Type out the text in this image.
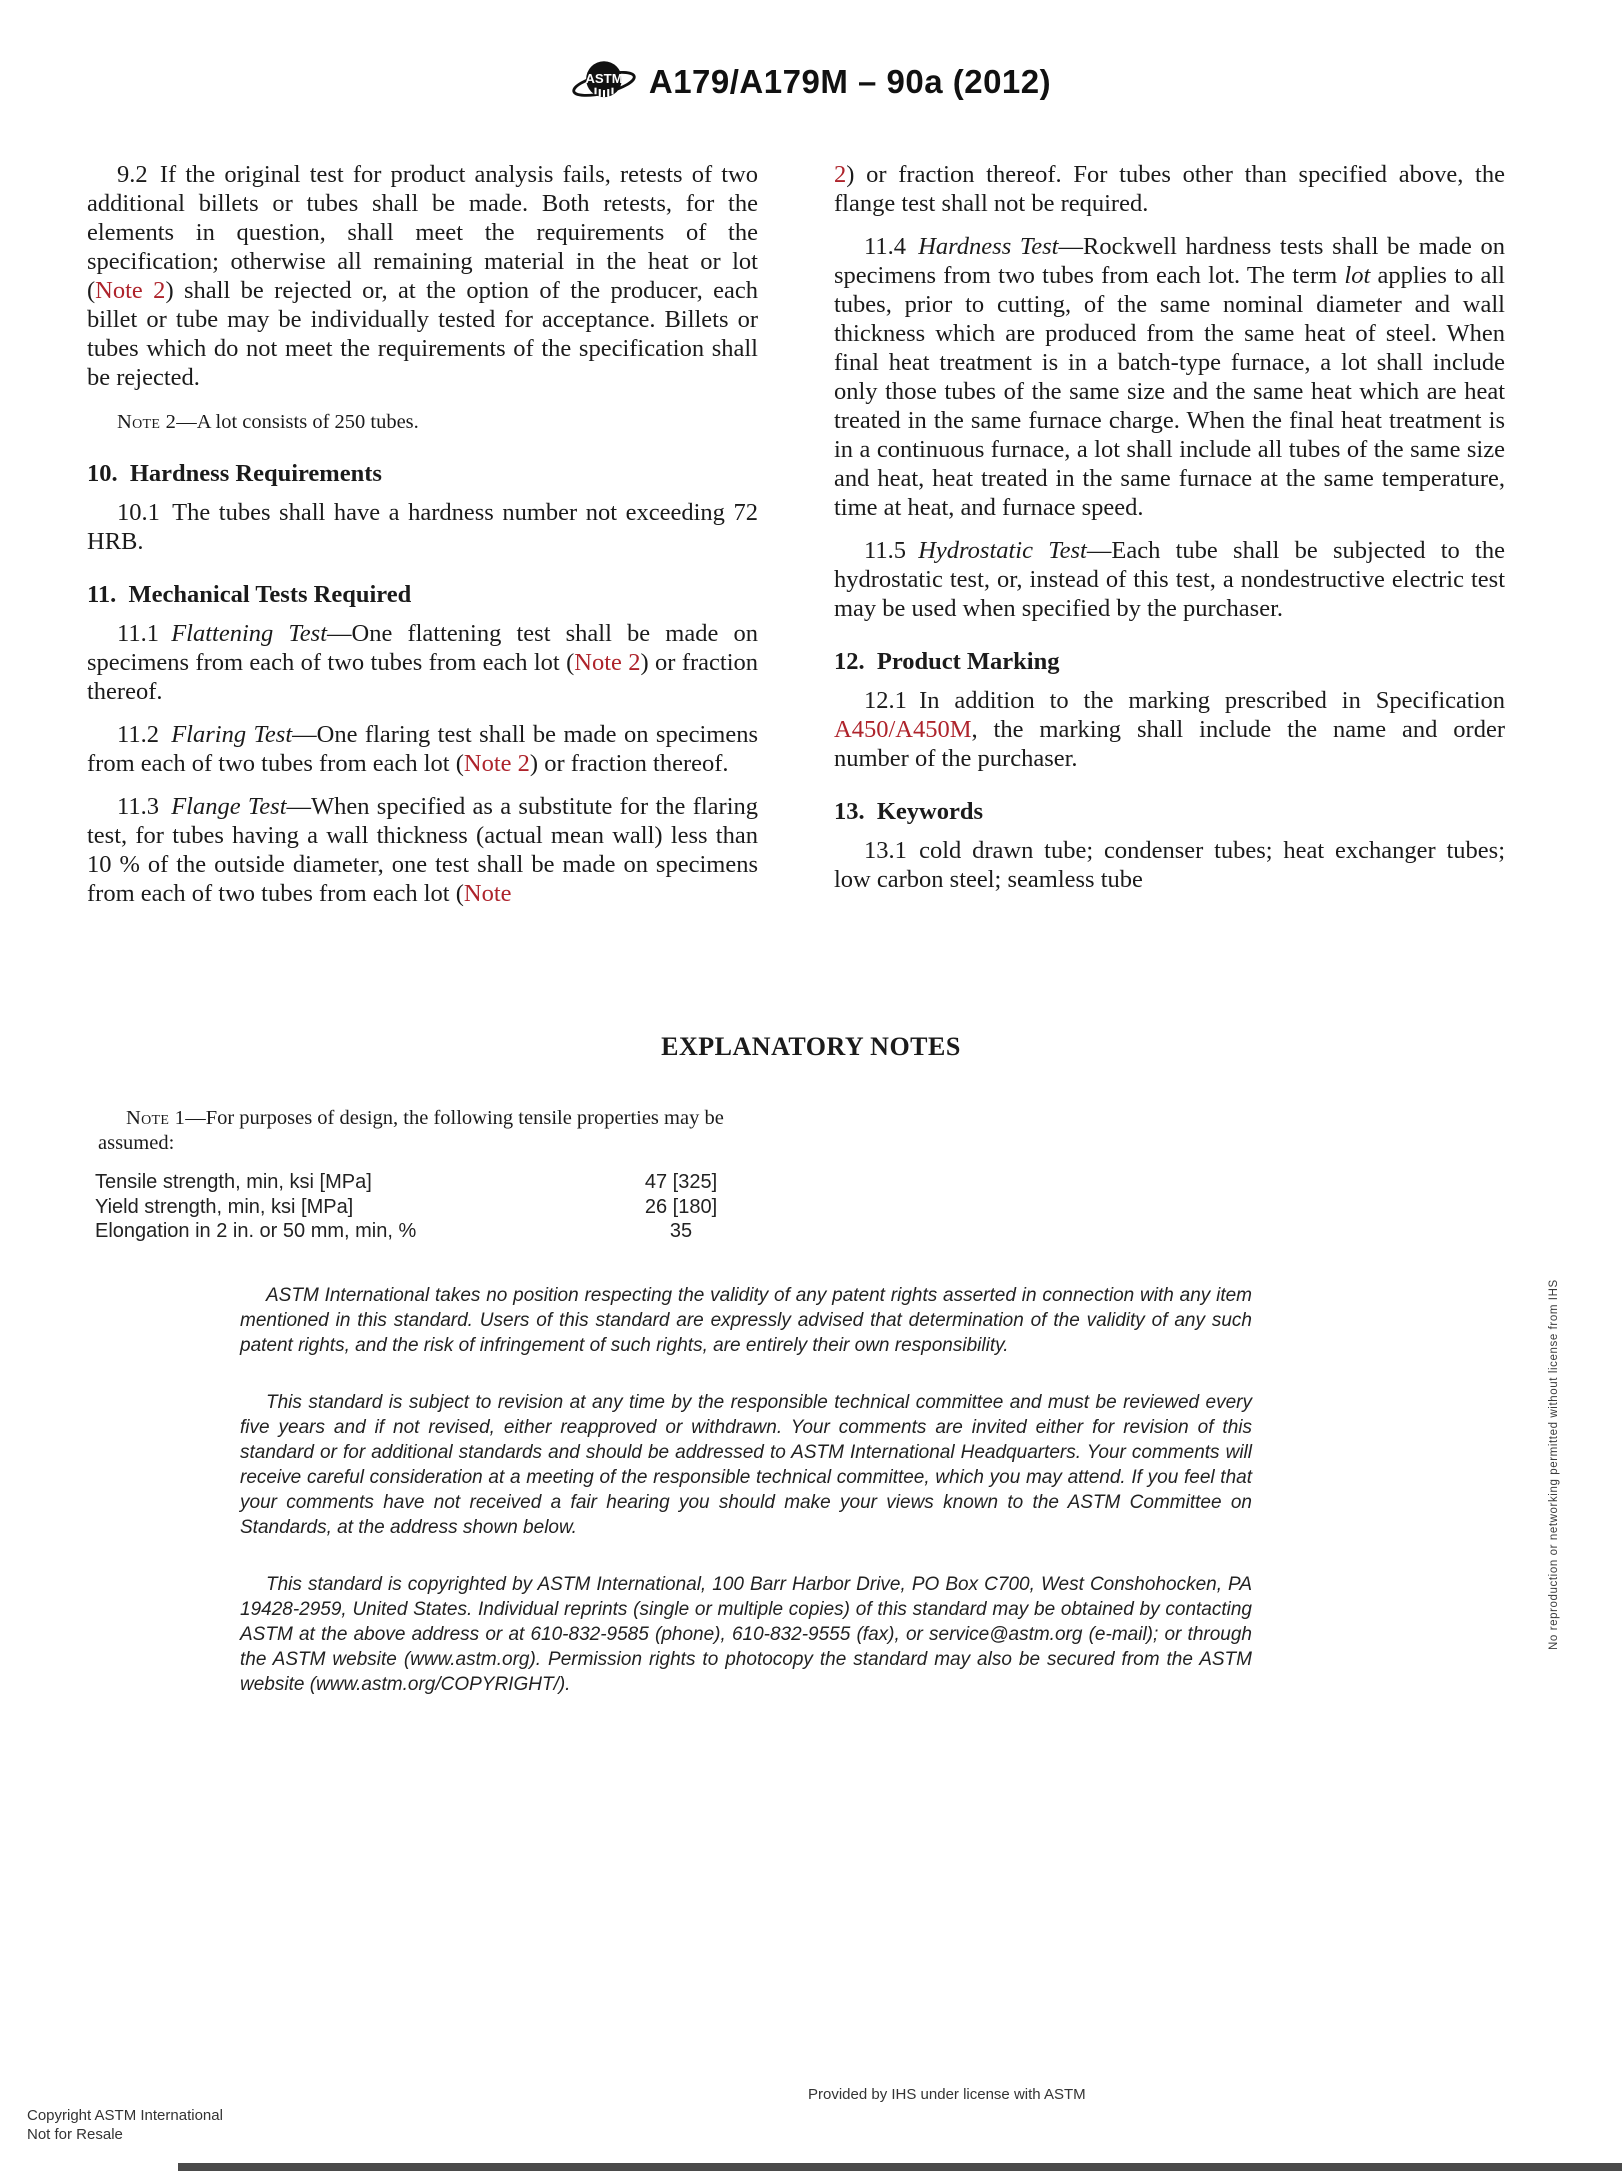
ASTM A179/A179M – 90a (2012)

9.2 If the original test for product analysis fails, retests of two additional billets or tubes shall be made. Both retests, for the elements in question, shall meet the requirements of the specification; otherwise all remaining material in the heat or lot (Note 2) shall be rejected or, at the option of the producer, each billet or tube may be individually tested for acceptance. Billets or tubes which do not meet the requirements of the specification shall be rejected.

Note 2—A lot consists of 250 tubes.

10. Hardness Requirements

10.1 The tubes shall have a hardness number not exceeding 72 HRB.

11. Mechanical Tests Required

11.1 Flattening Test—One flattening test shall be made on specimens from each of two tubes from each lot (Note 2) or fraction thereof.

11.2 Flaring Test—One flaring test shall be made on specimens from each of two tubes from each lot (Note 2) or fraction thereof.

11.3 Flange Test—When specified as a substitute for the flaring test, for tubes having a wall thickness (actual mean wall) less than 10 % of the outside diameter, one test shall be made on specimens from each of two tubes from each lot (Note

2) or fraction thereof. For tubes other than specified above, the flange test shall not be required.

11.4 Hardness Test—Rockwell hardness tests shall be made on specimens from two tubes from each lot. The term lot applies to all tubes, prior to cutting, of the same nominal diameter and wall thickness which are produced from the same heat of steel. When final heat treatment is in a batch-type furnace, a lot shall include only those tubes of the same size and the same heat which are heat treated in the same furnace charge. When the final heat treatment is in a continuous furnace, a lot shall include all tubes of the same size and heat, heat treated in the same furnace at the same temperature, time at heat, and furnace speed.

11.5 Hydrostatic Test—Each tube shall be subjected to the hydrostatic test, or, instead of this test, a nondestructive electric test may be used when specified by the purchaser.

12. Product Marking

12.1 In addition to the marking prescribed in Specification A450/A450M, the marking shall include the name and order number of the purchaser.

13. Keywords

13.1 cold drawn tube; condenser tubes; heat exchanger tubes; low carbon steel; seamless tube

EXPLANATORY NOTES

Note 1—For purposes of design, the following tensile properties may be assumed:

Tensile strength, min, ksi [MPa]	47 [325]
Yield strength, min, ksi [MPa]	26 [180]
Elongation in 2 in. or 50 mm, min, %	35

ASTM International takes no position respecting the validity of any patent rights asserted in connection with any item mentioned in this standard. Users of this standard are expressly advised that determination of the validity of any such patent rights, and the risk of infringement of such rights, are entirely their own responsibility.

This standard is subject to revision at any time by the responsible technical committee and must be reviewed every five years and if not revised, either reapproved or withdrawn. Your comments are invited either for revision of this standard or for additional standards and should be addressed to ASTM International Headquarters. Your comments will receive careful consideration at a meeting of the responsible technical committee, which you may attend. If you feel that your comments have not received a fair hearing you should make your views known to the ASTM Committee on Standards, at the address shown below.

This standard is copyrighted by ASTM International, 100 Barr Harbor Drive, PO Box C700, West Conshohocken, PA 19428-2959, United States. Individual reprints (single or multiple copies) of this standard may be obtained by contacting ASTM at the above address or at 610-832-9585 (phone), 610-832-9555 (fax), or service@astm.org (e-mail); or through the ASTM website (www.astm.org). Permission rights to photocopy the standard may also be secured from the ASTM website (www.astm.org/COPYRIGHT/).

No reproduction or networking permitted without license from IHS
Provided by IHS under license with ASTM
Copyright ASTM International
Not for Resale
